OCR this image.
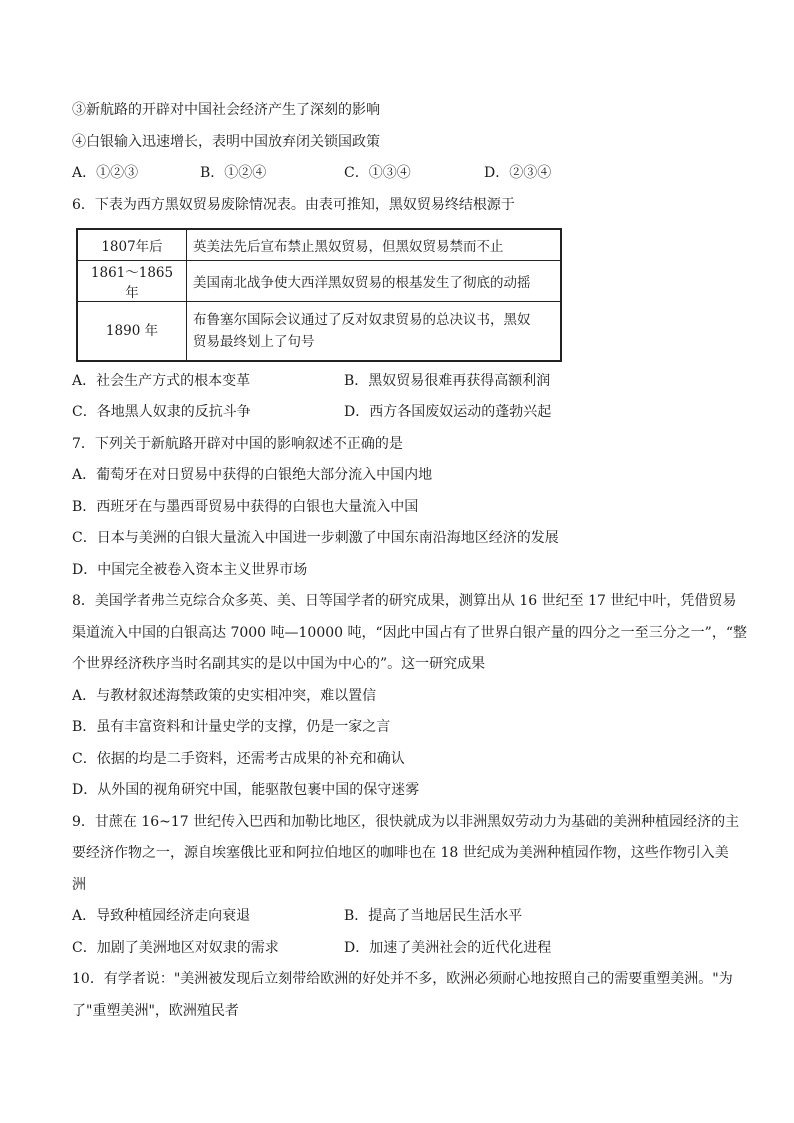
③新航路的开辟对中国社会经济产生了深刻的影响
④白银输入迅速增长，表明中国放弃闭关锁国政策
A．①②③	B．①②④	C．①③④	D．②③④
6．下表为西方黑奴贸易废除情况表。由表可推知，黑奴贸易终结根源于
1807年后	英美法先后宣布禁止黑奴贸易，但黑奴贸易禁而不止
1861～1865 年	美国南北战争使大西洋黑奴贸易的根基发生了彻底的动摇
1890 年	布鲁塞尔国际会议通过了反对奴隶贸易的总决议书，黑奴
贸易最终划上了句号
A．社会生产方式的根本变革	B．黑奴贸易很难再获得高额利润
C．各地黑人奴隶的反抗斗争	D．西方各国废奴运动的蓬勃兴起
7．下列关于新航路开辟对中国的影响叙述不正确的是
A．葡萄牙在对日贸易中获得的白银绝大部分流入中国内地
B．西班牙在与墨西哥贸易中获得的白银也大量流入中国
C．日本与美洲的白银大量流入中国进一步刺激了中国东南沿海地区经济的发展
D．中国完全被卷入资本主义世界市场
8．美国学者弗兰克综合众多英、美、日等国学者的研究成果，测算出从 16 世纪至 17 世纪中叶，凭借贸易
渠道流入中国的白银高达 7000 吨—10000 吨，“因此中国占有了世界白银产量的四分之一至三分之一”，“整
个世界经济秩序当时名副其实的是以中国为中心的”。这一研究成果
A．与教材叙述海禁政策的史实相冲突，难以置信
B．虽有丰富资料和计量史学的支撑，仍是一家之言
C．依据的均是二手资料，还需考古成果的补充和确认
D．从外国的视角研究中国，能驱散包裹中国的保守迷雾
9．甘蔗在 16~17 世纪传入巴西和加勒比地区，很快就成为以非洲黑奴劳动力为基础的美洲种植园经济的主
要经济作物之一，源自埃塞俄比亚和阿拉伯地区的咖啡也在 18 世纪成为美洲种植园作物，这些作物引入美
洲
A．导致种植园经济走向衰退	B．提高了当地居民生活水平
C．加剧了美洲地区对奴隶的需求	D．加速了美洲社会的近代化进程
10．有学者说："美洲被发现后立刻带给欧洲的好处并不多，欧洲必须耐心地按照自己的需要重塑美洲。"为
了"重塑美洲"，欧洲殖民者
